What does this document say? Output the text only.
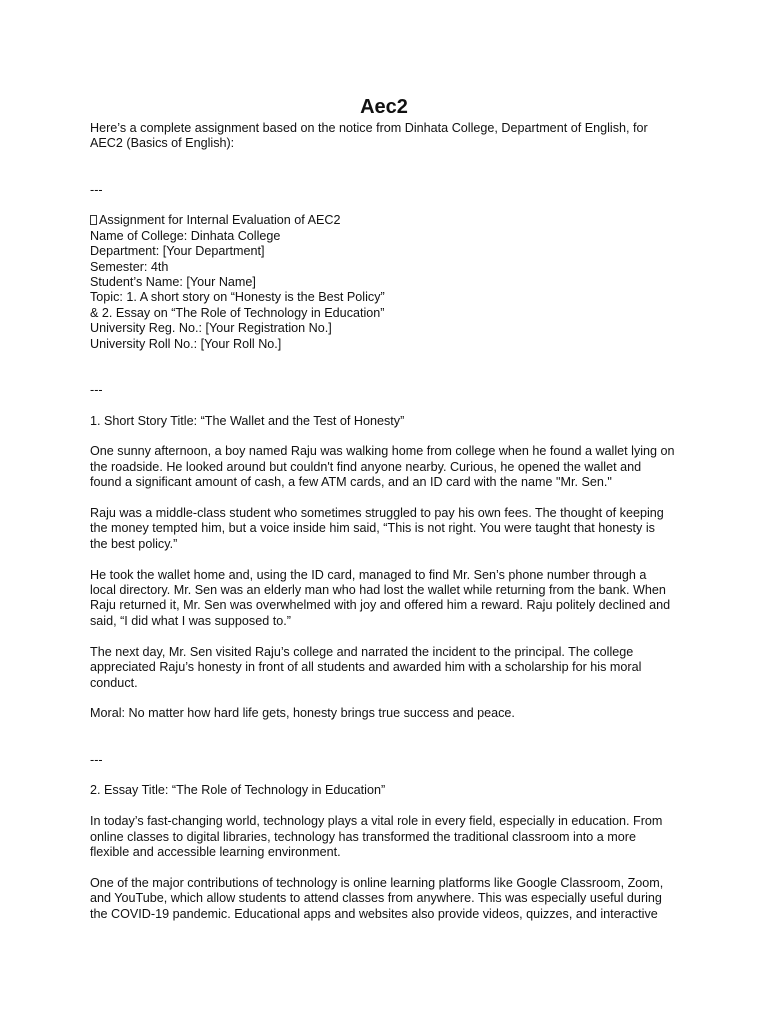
Aec2

Here’s a complete assignment based on the notice from Dinhata College, Department of English, for
AEC2 (Basics of English):

---

Assignment for Internal Evaluation of AEC2
Name of College: Dinhata College
Department: [Your Department]
Semester: 4th
Student’s Name: [Your Name]
Topic: 1. A short story on “Honesty is the Best Policy”
& 2. Essay on “The Role of Technology in Education”
University Reg. No.: [Your Registration No.]
University Roll No.: [Your Roll No.]

---

1. Short Story Title: “The Wallet and the Test of Honesty”

One sunny afternoon, a boy named Raju was walking home from college when he found a wallet lying on
the roadside. He looked around but couldn't find anyone nearby. Curious, he opened the wallet and
found a significant amount of cash, a few ATM cards, and an ID card with the name "Mr. Sen."

Raju was a middle-class student who sometimes struggled to pay his own fees. The thought of keeping
the money tempted him, but a voice inside him said, “This is not right. You were taught that honesty is
the best policy.”

He took the wallet home and, using the ID card, managed to find Mr. Sen’s phone number through a
local directory. Mr. Sen was an elderly man who had lost the wallet while returning from the bank. When
Raju returned it, Mr. Sen was overwhelmed with joy and offered him a reward. Raju politely declined and
said, “I did what I was supposed to.”

The next day, Mr. Sen visited Raju’s college and narrated the incident to the principal. The college
appreciated Raju’s honesty in front of all students and awarded him with a scholarship for his moral
conduct.

Moral: No matter how hard life gets, honesty brings true success and peace.

---

2. Essay Title: “The Role of Technology in Education”

In today’s fast-changing world, technology plays a vital role in every field, especially in education. From
online classes to digital libraries, technology has transformed the traditional classroom into a more
flexible and accessible learning environment.

One of the major contributions of technology is online learning platforms like Google Classroom, Zoom,
and YouTube, which allow students to attend classes from anywhere. This was especially useful during
the COVID-19 pandemic. Educational apps and websites also provide videos, quizzes, and interactive
